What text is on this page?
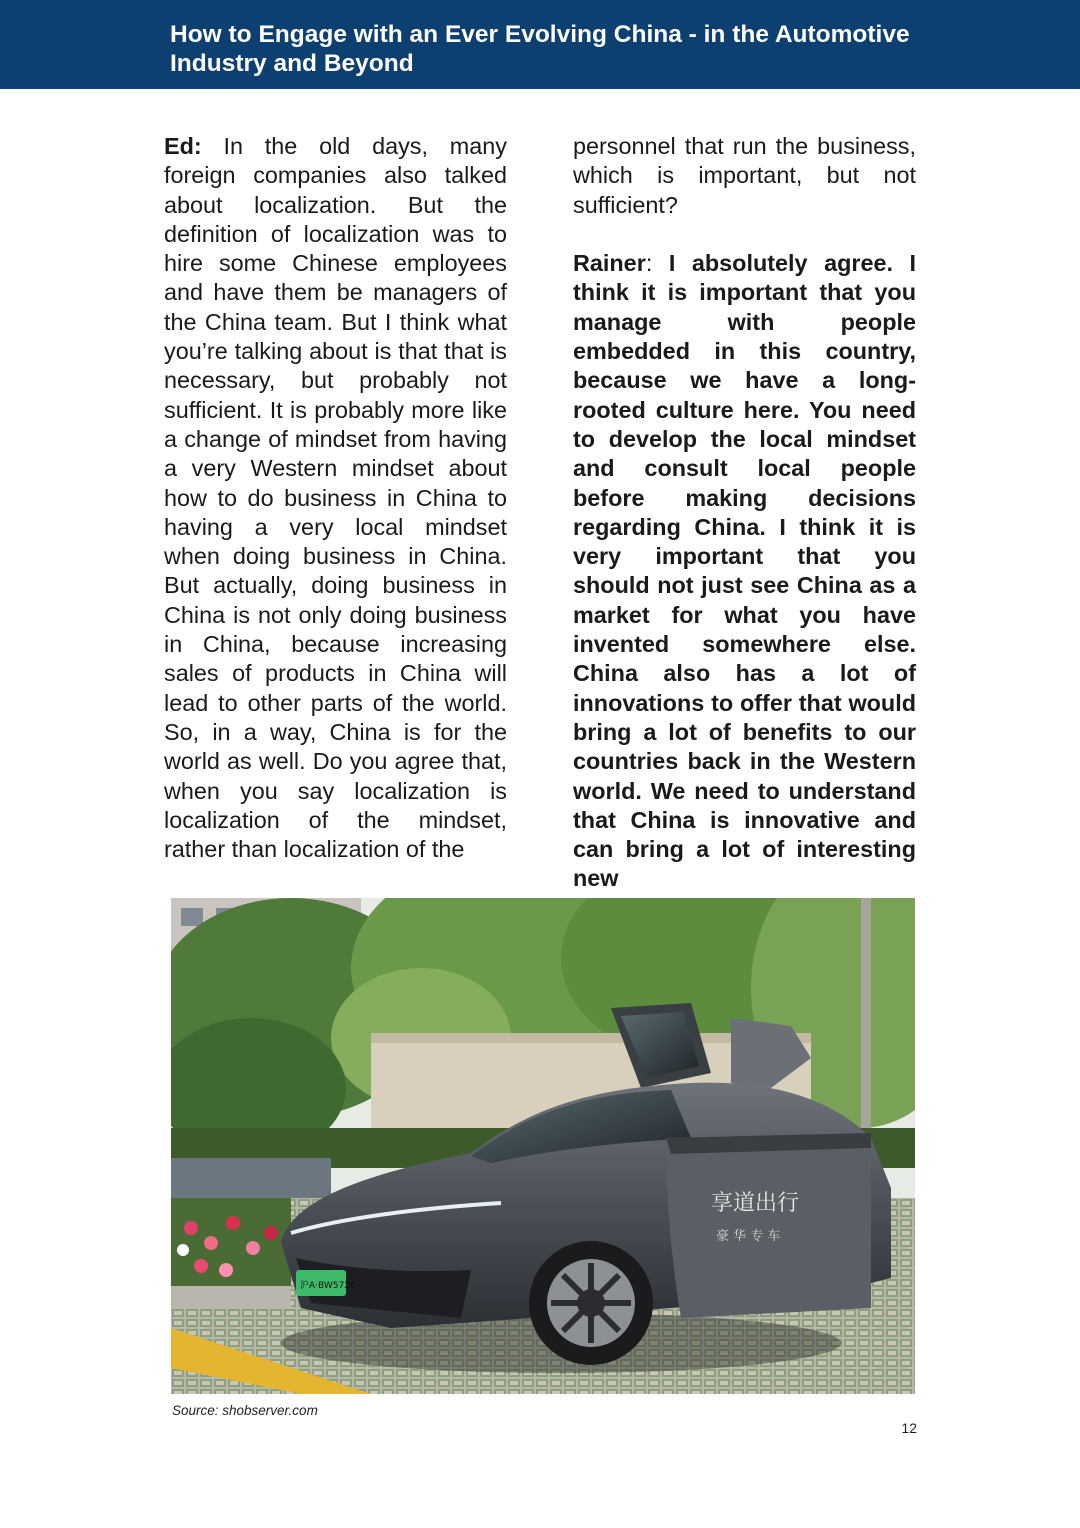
How to Engage with an Ever Evolving China - in the Automotive
Industry and Beyond

Ed: In the old days, many foreign companies also talked about localization. But the definition of localization was to hire some Chinese employees and have them be managers of the China team. But I think what you’re talking about is that that is necessary, but probably not sufficient. It is probably more like a change of mindset from having a very Western mindset about how to do business in China to having a very local mindset when doing business in China. But actually, doing business in China is not only doing business in China, because increasing sales of products in China will lead to other parts of the world. So, in a way, China is for the world as well. Do you agree that, when you say localization is localization of the mindset, rather than localization of the

personnel that run the business, which is important, but not sufficient?

Rainer: I absolutely agree. I think it is important that you manage with people embedded in this country, because we have a long-rooted culture here. You need to develop the local mindset and consult local people before making decisions regarding China. I think it is very important that you should not just see China as a market for what you have invented somewhere else. China also has a lot of innovations to offer that would bring a lot of benefits to our countries back in the Western world. We need to understand that China is innovative and can bring a lot of interesting new

享道出行
豪 华 专 车
沪A·BW5726
Source: shobserver.com
12
